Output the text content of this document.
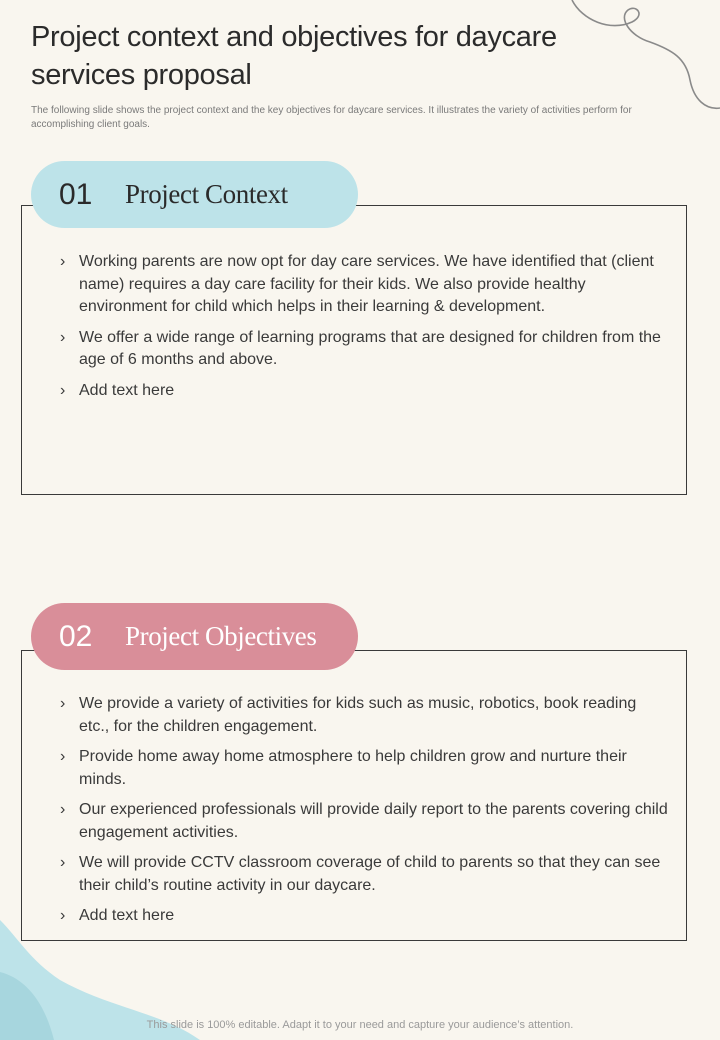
Project context and objectives for daycare services proposal

The following slide shows the project context and the key objectives for daycare services. It illustrates the variety of activities perform for accomplishing client goals.

01	Project Context
› Working parents are now opt for day care services. We have identified that (client name) requires a day care facility for their kids. We also provide healthy environment for child which helps in their learning & development.
› We offer a wide range of learning programs that are designed for children from the age of 6 months and above.
› Add text here
02	Project Objectives
› We provide a variety of activities for kids such as music, robotics, book reading etc., for the children engagement.
› Provide home away home atmosphere to help children grow and nurture their minds.
› Our experienced professionals will provide daily report to the parents covering child engagement activities.
› We will provide CCTV classroom coverage of child to parents so that they can see their child’s routine activity in our daycare.
› Add text here
This slide is 100% editable. Adapt it to your need and capture your audience’s attention.
